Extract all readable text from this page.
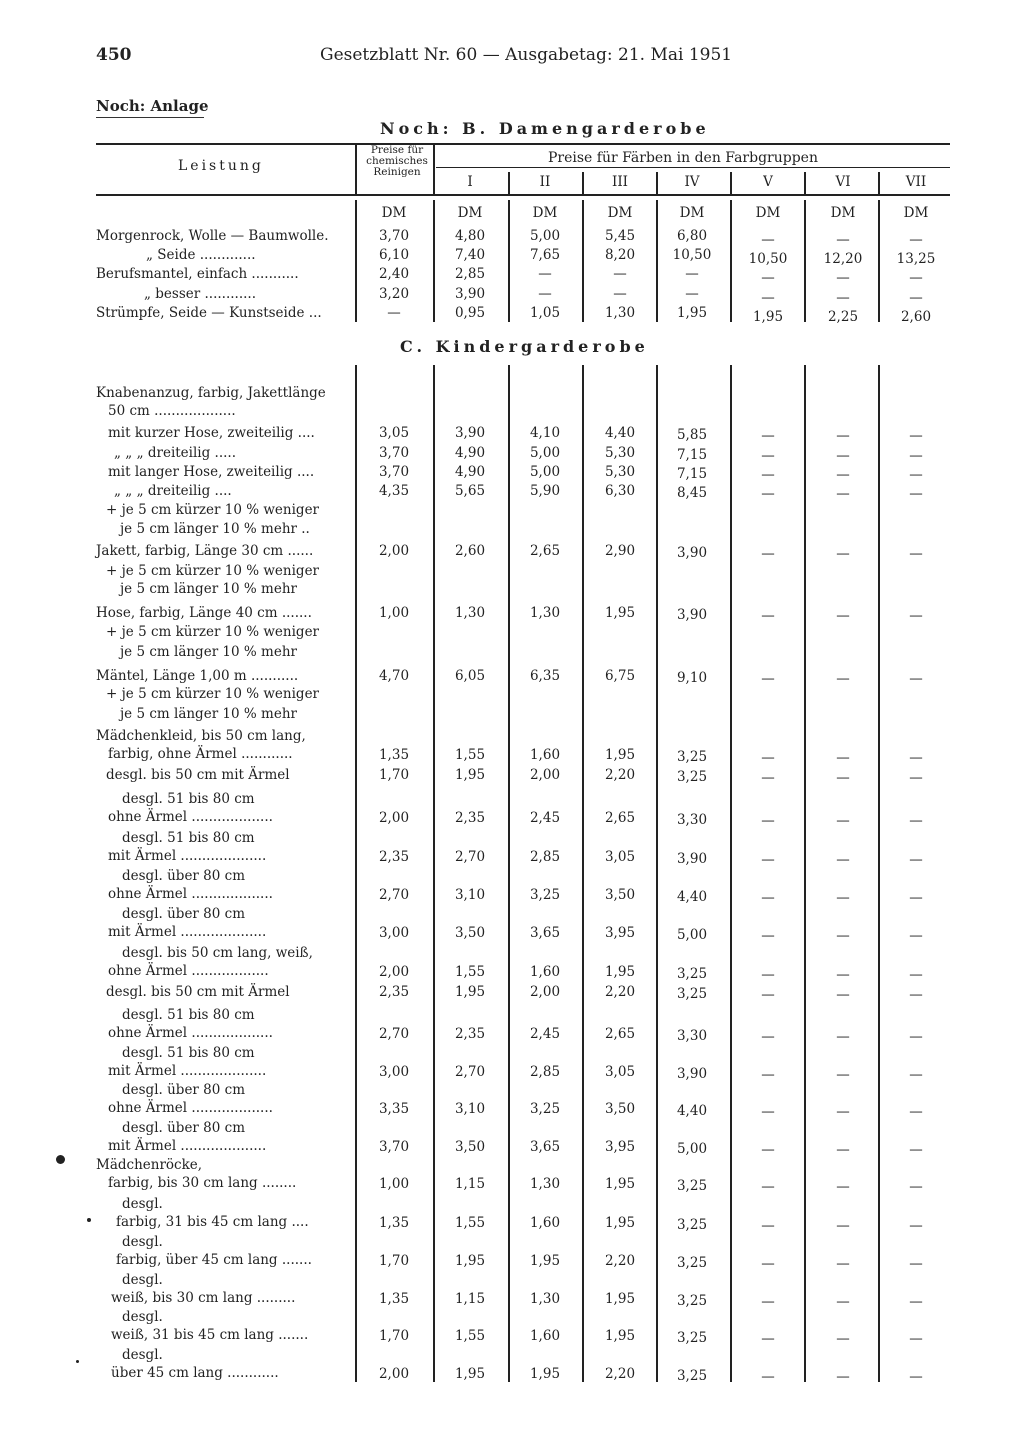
450	Gesetzblatt Nr. 60 — Ausgabetag: 21. Mai 1951
Noch: Anlage
Noch: B. Damengarderobe
Leistung
Preise für chemisches Reinigen
Preise für Färben in den Farbgruppen
I	II	III	IV	V	VI	VII
DM	DM	DM	DM	DM	DM	DM	DM
Morgenrock, Wolle — Baumwolle.	3,70	4,80	5,00	5,45	6,80	—	—	—
„ Seide .............	6,10	7,40	7,65	8,20	10,50	10,50	12,20	13,25
Berufsmantel, einfach ...........	2,40	2,85	—	—	—	—	—	—
„ besser ............	3,20	3,90	—	—	—	—	—	—
Strümpfe, Seide — Kunstseide ...	—	0,95	1,05	1,30	1,95	1,95	2,25	2,60
Knabenanzug, farbig, Jakettlänge
50 cm ...................
mit kurzer Hose, zweiteilig ....	3,05	3,90	4,10	4,40	5,85	—	—	—
„ „ „ dreiteilig .....	3,70	4,90	5,00	5,30	7,15	—	—	—
mit langer Hose, zweiteilig ....	3,70	4,90	5,00	5,30	7,15	—	—	—
„ „ „ dreiteilig ....	4,35	5,65	5,90	6,30	8,45	—	—	—
+ je 5 cm kürzer 10 % weniger
je 5 cm länger 10 % mehr ..
Jakett, farbig, Länge 30 cm ......	2,00	2,60	2,65	2,90	3,90	—	—	—
+ je 5 cm kürzer 10 % weniger
je 5 cm länger 10 % mehr
Hose, farbig, Länge 40 cm .......	1,00	1,30	1,30	1,95	3,90	—	—	—
+ je 5 cm kürzer 10 % weniger
je 5 cm länger 10 % mehr
Mäntel, Länge 1,00 m ...........	4,70	6,05	6,35	6,75	9,10	—	—	—
+ je 5 cm kürzer 10 % weniger
je 5 cm länger 10 % mehr
Mädchenkleid, bis 50 cm lang,
farbig, ohne Ärmel ............	1,35	1,55	1,60	1,95	3,25	—	—	—
desgl. bis 50 cm mit Ärmel	1,70	1,95	2,00	2,20	3,25	—	—	—
desgl. 51 bis 80 cm
ohne Ärmel ...................	2,00	2,35	2,45	2,65	3,30	—	—	—
desgl. 51 bis 80 cm
mit Ärmel ....................	2,35	2,70	2,85	3,05	3,90	—	—	—
desgl. über 80 cm
ohne Ärmel ...................	2,70	3,10	3,25	3,50	4,40	—	—	—
desgl. über 80 cm
mit Ärmel ....................	3,00	3,50	3,65	3,95	5,00	—	—	—
desgl. bis 50 cm lang, weiß,
ohne Ärmel ..................	2,00	1,55	1,60	1,95	3,25	—	—	—
desgl. bis 50 cm mit Ärmel	2,35	1,95	2,00	2,20	3,25	—	—	—
desgl. 51 bis 80 cm
ohne Ärmel ...................	2,70	2,35	2,45	2,65	3,30	—	—	—
desgl. 51 bis 80 cm
mit Ärmel ....................	3,00	2,70	2,85	3,05	3,90	—	—	—
desgl. über 80 cm
ohne Ärmel ...................	3,35	3,10	3,25	3,50	4,40	—	—	—
desgl. über 80 cm
mit Ärmel ....................	3,70	3,50	3,65	3,95	5,00	—	—	—
Mädchenröcke,
farbig, bis 30 cm lang ........	1,00	1,15	1,30	1,95	3,25	—	—	—
desgl.
farbig, 31 bis 45 cm lang ....	1,35	1,55	1,60	1,95	3,25	—	—	—
desgl.
farbig, über 45 cm lang .......	1,70	1,95	1,95	2,20	3,25	—	—	—
desgl.
weiß, bis 30 cm lang .........	1,35	1,15	1,30	1,95	3,25	—	—	—
desgl.
weiß, 31 bis 45 cm lang .......	1,70	1,55	1,60	1,95	3,25	—	—	—
desgl.
über 45 cm lang ............	2,00	1,95	1,95	2,20	3,25	—	—	—
C. Kindergarderobe
